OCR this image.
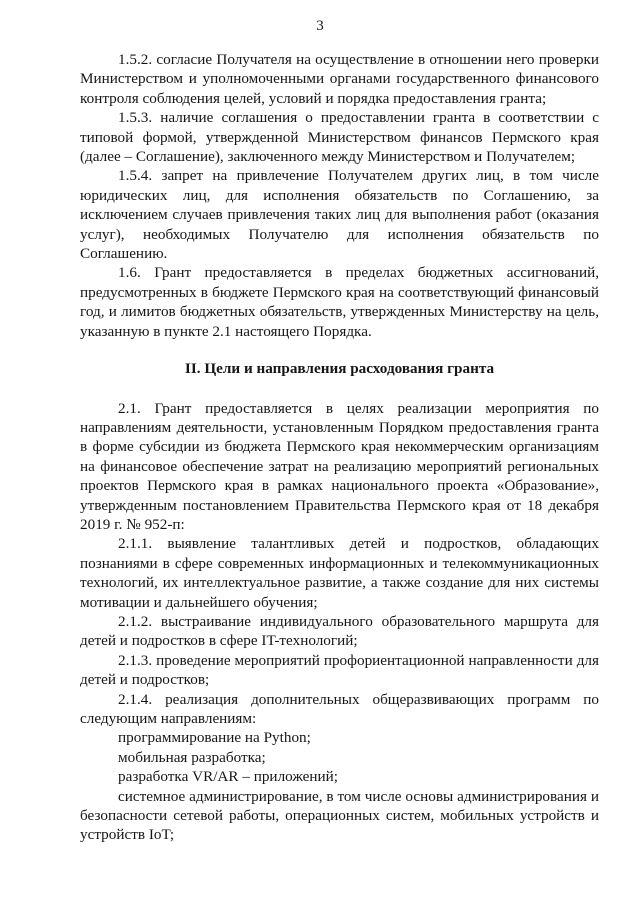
3

1.5.2. согласие Получателя на осуществление в отношении него проверки Министерством и уполномоченными органами государственного финансового контроля соблюдения целей, условий и порядка предоставления гранта;

1.5.3. наличие соглашения о предоставлении гранта в соответствии с типовой формой, утвержденной Министерством финансов Пермского края (далее – Соглашение), заключенного между Министерством и Получателем;

1.5.4. запрет на привлечение Получателем других лиц, в том числе юридических лиц, для исполнения обязательств по Соглашению, за исключением случаев привлечения таких лиц для выполнения работ (оказания услуг), необходимых Получателю для исполнения обязательств по Соглашению.

1.6. Грант предоставляется в пределах бюджетных ассигнований, предусмотренных в бюджете Пермского края на соответствующий финансовый год, и лимитов бюджетных обязательств, утвержденных Министерству на цель, указанную в пункте 2.1 настоящего Порядка.

II. Цели и направления расходования гранта

2.1. Грант предоставляется в целях реализации мероприятия по направлениям деятельности, установленным Порядком предоставления гранта в форме субсидии из бюджета Пермского края некоммерческим организациям на финансовое обеспечение затрат на реализацию мероприятий региональных проектов Пермского края в рамках национального проекта «Образование», утвержденным постановлением Правительства Пермского края от 18 декабря 2019 г. № 952-п:

2.1.1. выявление талантливых детей и подростков, обладающих познаниями в сфере современных информационных и телекоммуникационных технологий, их интеллектуальное развитие, а также создание для них системы мотивации и дальнейшего обучения;

2.1.2. выстраивание индивидуального образовательного маршрута для детей и подростков в сфере IT-технологий;

2.1.3. проведение мероприятий профориентационной направленности для детей и подростков;

2.1.4. реализация дополнительных общеразвивающих программ по следующим направлениям:

программирование на Python;

мобильная разработка;

разработка VR/AR – приложений;

системное администрирование, в том числе основы администрирования и безопасности сетевой работы, операционных систем, мобильных устройств и устройств IoT;
